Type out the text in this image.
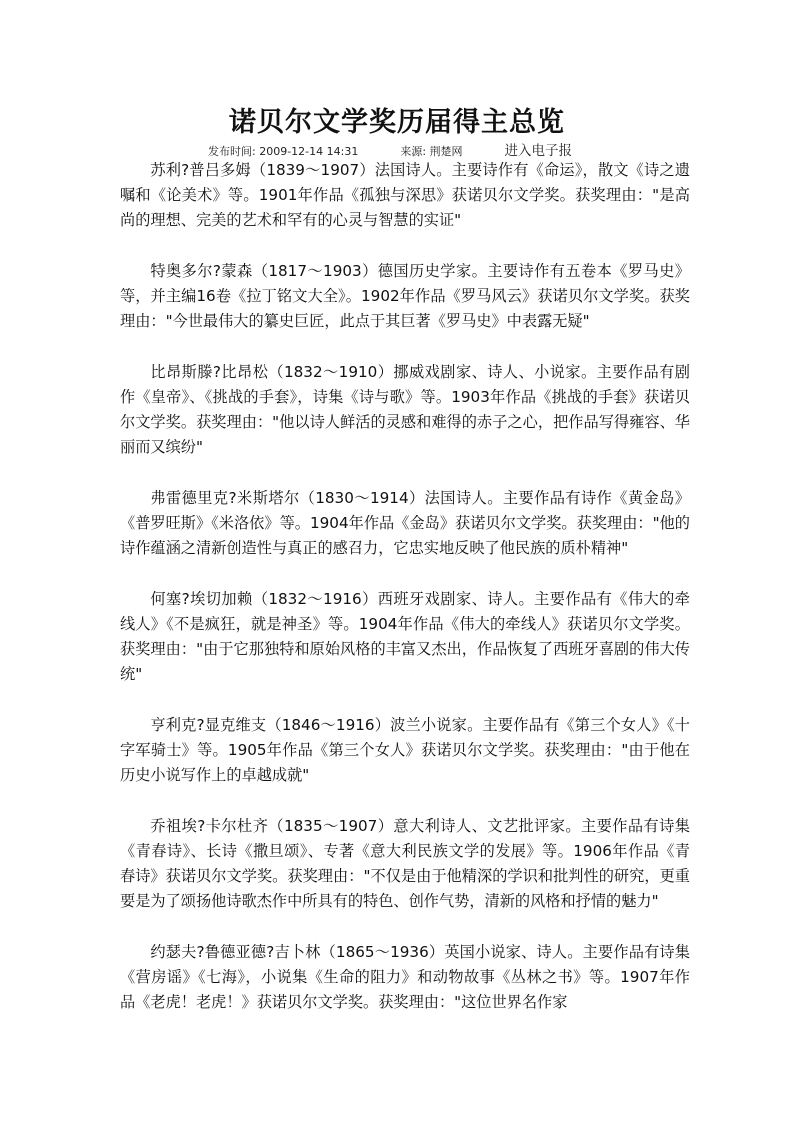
诺贝尔文学奖历届得主总览
发布时间: 2009-12-14 14:31	来源: 荆楚网	进入电子报

苏利?普吕多姆（1839～1907）法国诗人。主要诗作有《命运》，散文《诗之遗嘱和《论美术》等。1901年作品《孤独与深思》获诺贝尔文学奖。获奖理由："是高尚的理想、完美的艺术和罕有的心灵与智慧的实证"

特奥多尔?蒙森（1817～1903）德国历史学家。主要诗作有五卷本《罗马史》等，并主编16卷《拉丁铭文大全》。1902年作品《罗马风云》获诺贝尔文学奖。获奖理由："今世最伟大的纂史巨匠，此点于其巨著《罗马史》中表露无疑"

比昂斯滕?比昂松（1832～1910）挪威戏剧家、诗人、小说家。主要作品有剧作《皇帝》、《挑战的手套》，诗集《诗与歌》等。1903年作品《挑战的手套》获诺贝尔文学奖。获奖理由："他以诗人鲜活的灵感和难得的赤子之心，把作品写得雍容、华丽而又缤纷"

弗雷德里克?米斯塔尔（1830～1914）法国诗人。主要作品有诗作《黄金岛》《普罗旺斯》《米洛依》等。1904年作品《金岛》获诺贝尔文学奖。获奖理由："他的诗作蕴涵之清新创造性与真正的感召力，它忠实地反映了他民族的质朴精神"

何塞?埃切加赖（1832～1916）西班牙戏剧家、诗人。主要作品有《伟大的牵线人》《不是疯狂，就是神圣》等。1904年作品《伟大的牵线人》获诺贝尔文学奖。获奖理由："由于它那独特和原始风格的丰富又杰出，作品恢复了西班牙喜剧的伟大传统"

亨利克?显克维支（1846～1916）波兰小说家。主要作品有《第三个女人》《十字军骑士》等。1905年作品《第三个女人》获诺贝尔文学奖。获奖理由："由于他在历史小说写作上的卓越成就"

乔祖埃?卡尔杜齐（1835～1907）意大利诗人、文艺批评家。主要作品有诗集《青春诗》、长诗《撒旦颂》、专著《意大利民族文学的发展》等。1906年作品《青春诗》获诺贝尔文学奖。获奖理由："不仅是由于他精深的学识和批判性的研究，更重要是为了颂扬他诗歌杰作中所具有的特色、创作气势，清新的风格和抒情的魅力"

约瑟夫?鲁德亚德?吉卜林（1865～1936）英国小说家、诗人。主要作品有诗集《营房谣》《七海》，小说集《生命的阻力》和动物故事《丛林之书》等。1907年作品《老虎！老虎！》获诺贝尔文学奖。获奖理由："这位世界名作家
